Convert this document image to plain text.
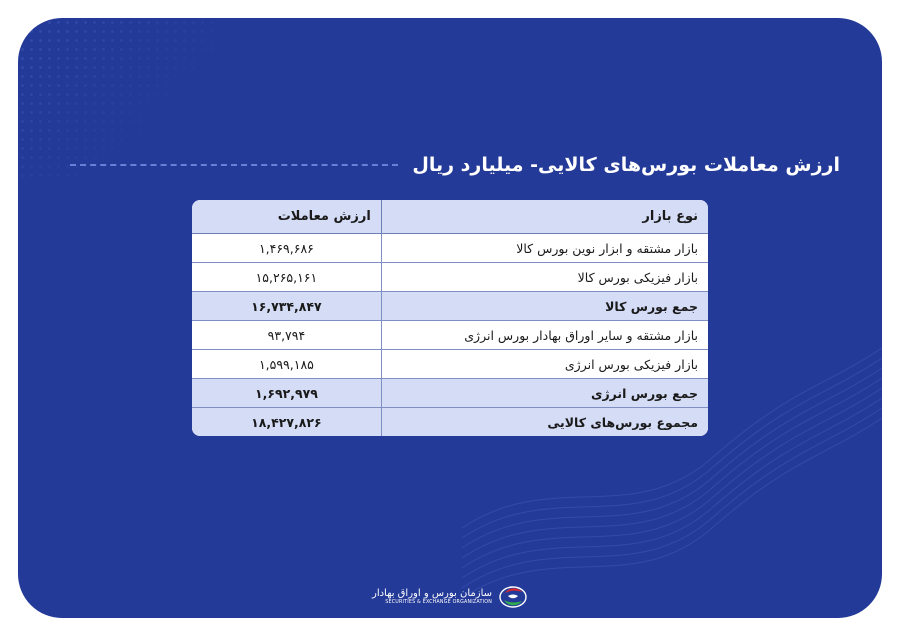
ارزش معاملات بورس‌های کالایی- میلیارد ریال
نوع بازار	ارزش معاملات
بازار مشتقه و ابزار نوین بورس کالا	۱,۴۶۹,۶۸۶
بازار فیزیکی بورس کالا	۱۵,۲۶۵,۱۶۱
جمع بورس کالا	۱۶,۷۳۴,۸۴۷
بازار مشتقه و سایر اوراق بهادار بورس انرژی	۹۳,۷۹۴
بازار فیزیکی بورس انرژی	۱,۵۹۹,۱۸۵
جمع بورس انرژی	۱,۶۹۲,۹۷۹
مجموع بورس‌های کالایی	۱۸,۴۲۷,۸۲۶
سازمان بورس و اوراق بهادار
SECURITIES & EXCHANGE ORGANIZATION
